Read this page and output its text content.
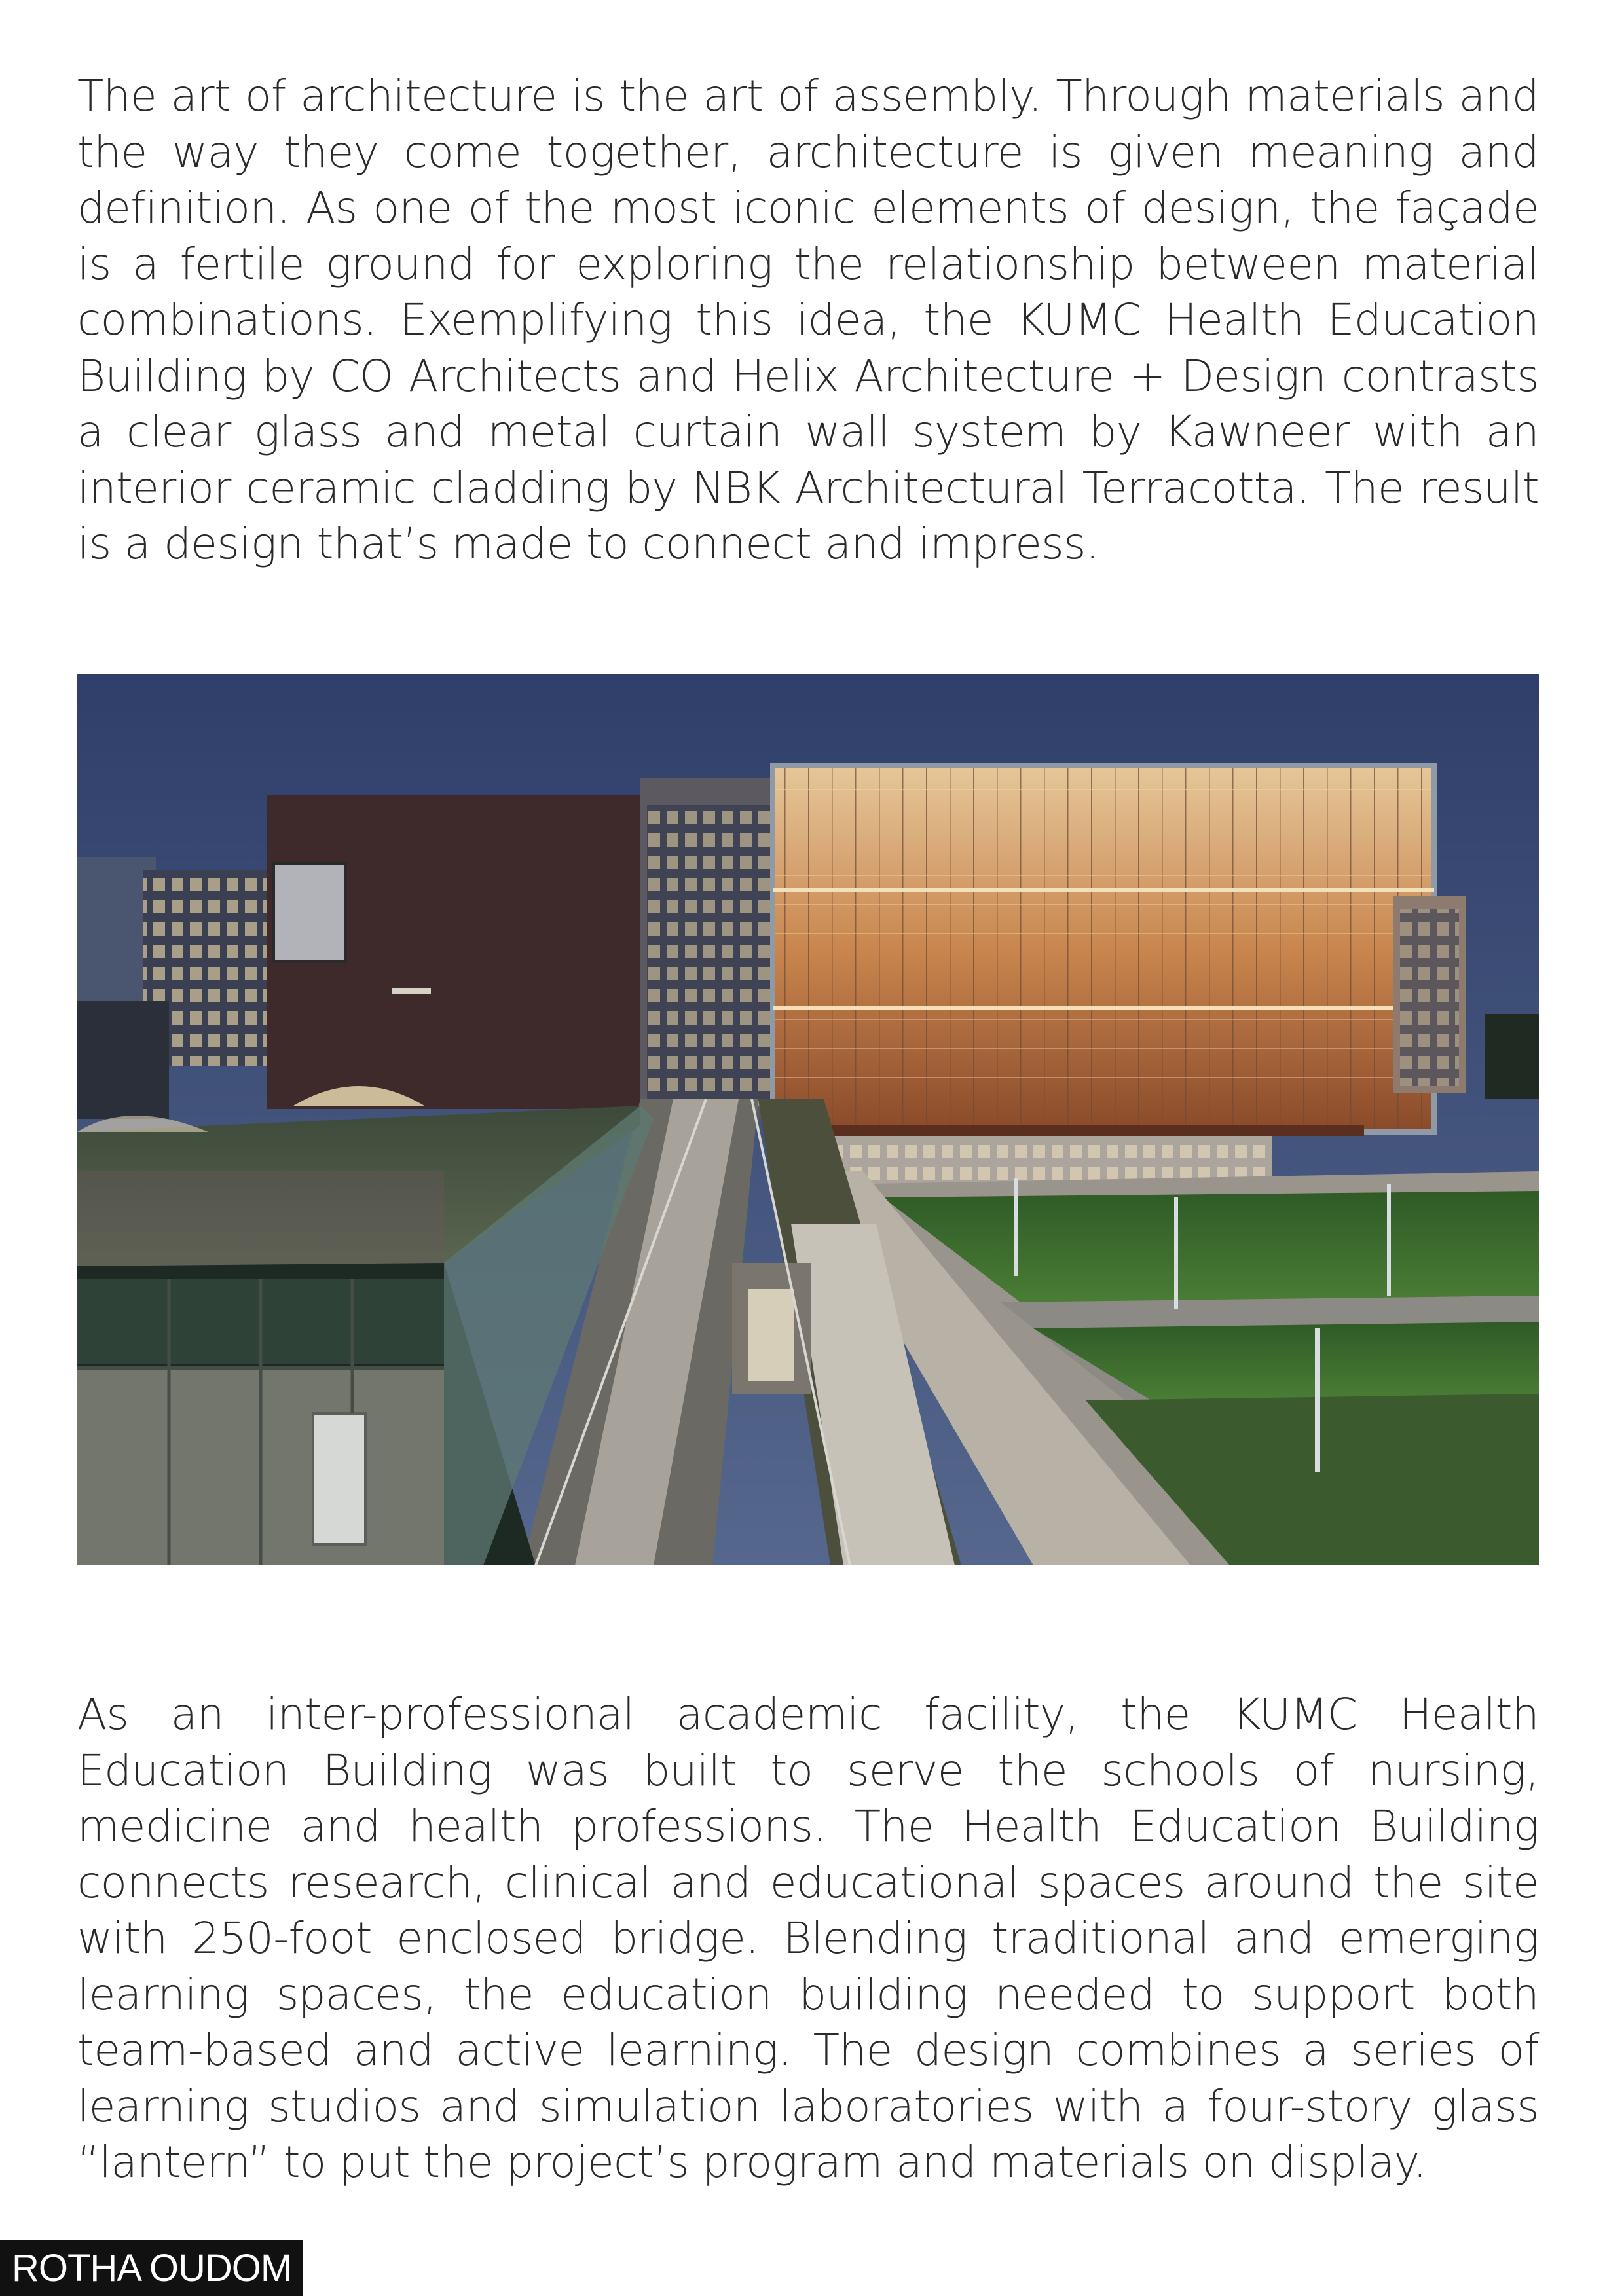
The art of architecture is the art of assembly. Through materials and the way they come together, architecture is given meaning and definition. As one of the most iconic elements of design, the façade is a fertile ground for exploring the relationship between material combinations. Exemplifying this idea, the KUMC Health Education Building by CO Architects and Helix Architecture + Design contrasts a clear glass and metal curtain wall system by Kawneer with an interior ceramic cladding by NBK Architectural Terracotta. The result is a design that’s made to connect and impress.

As an inter-professional academic facility, the KUMC Health Education Building was built to serve the schools of nursing, medicine and health professions. The Health Education Building connects research, clinical and educational spaces around the site with 250-foot enclosed bridge. Blending traditional and emerging learning spaces, the education building needed to support both team-based and active learning. The design combines a series of learning studios and simulation laboratories with a four-story glass “lantern” to put the project’s program and materials on display.

ROTHA OUDOM
